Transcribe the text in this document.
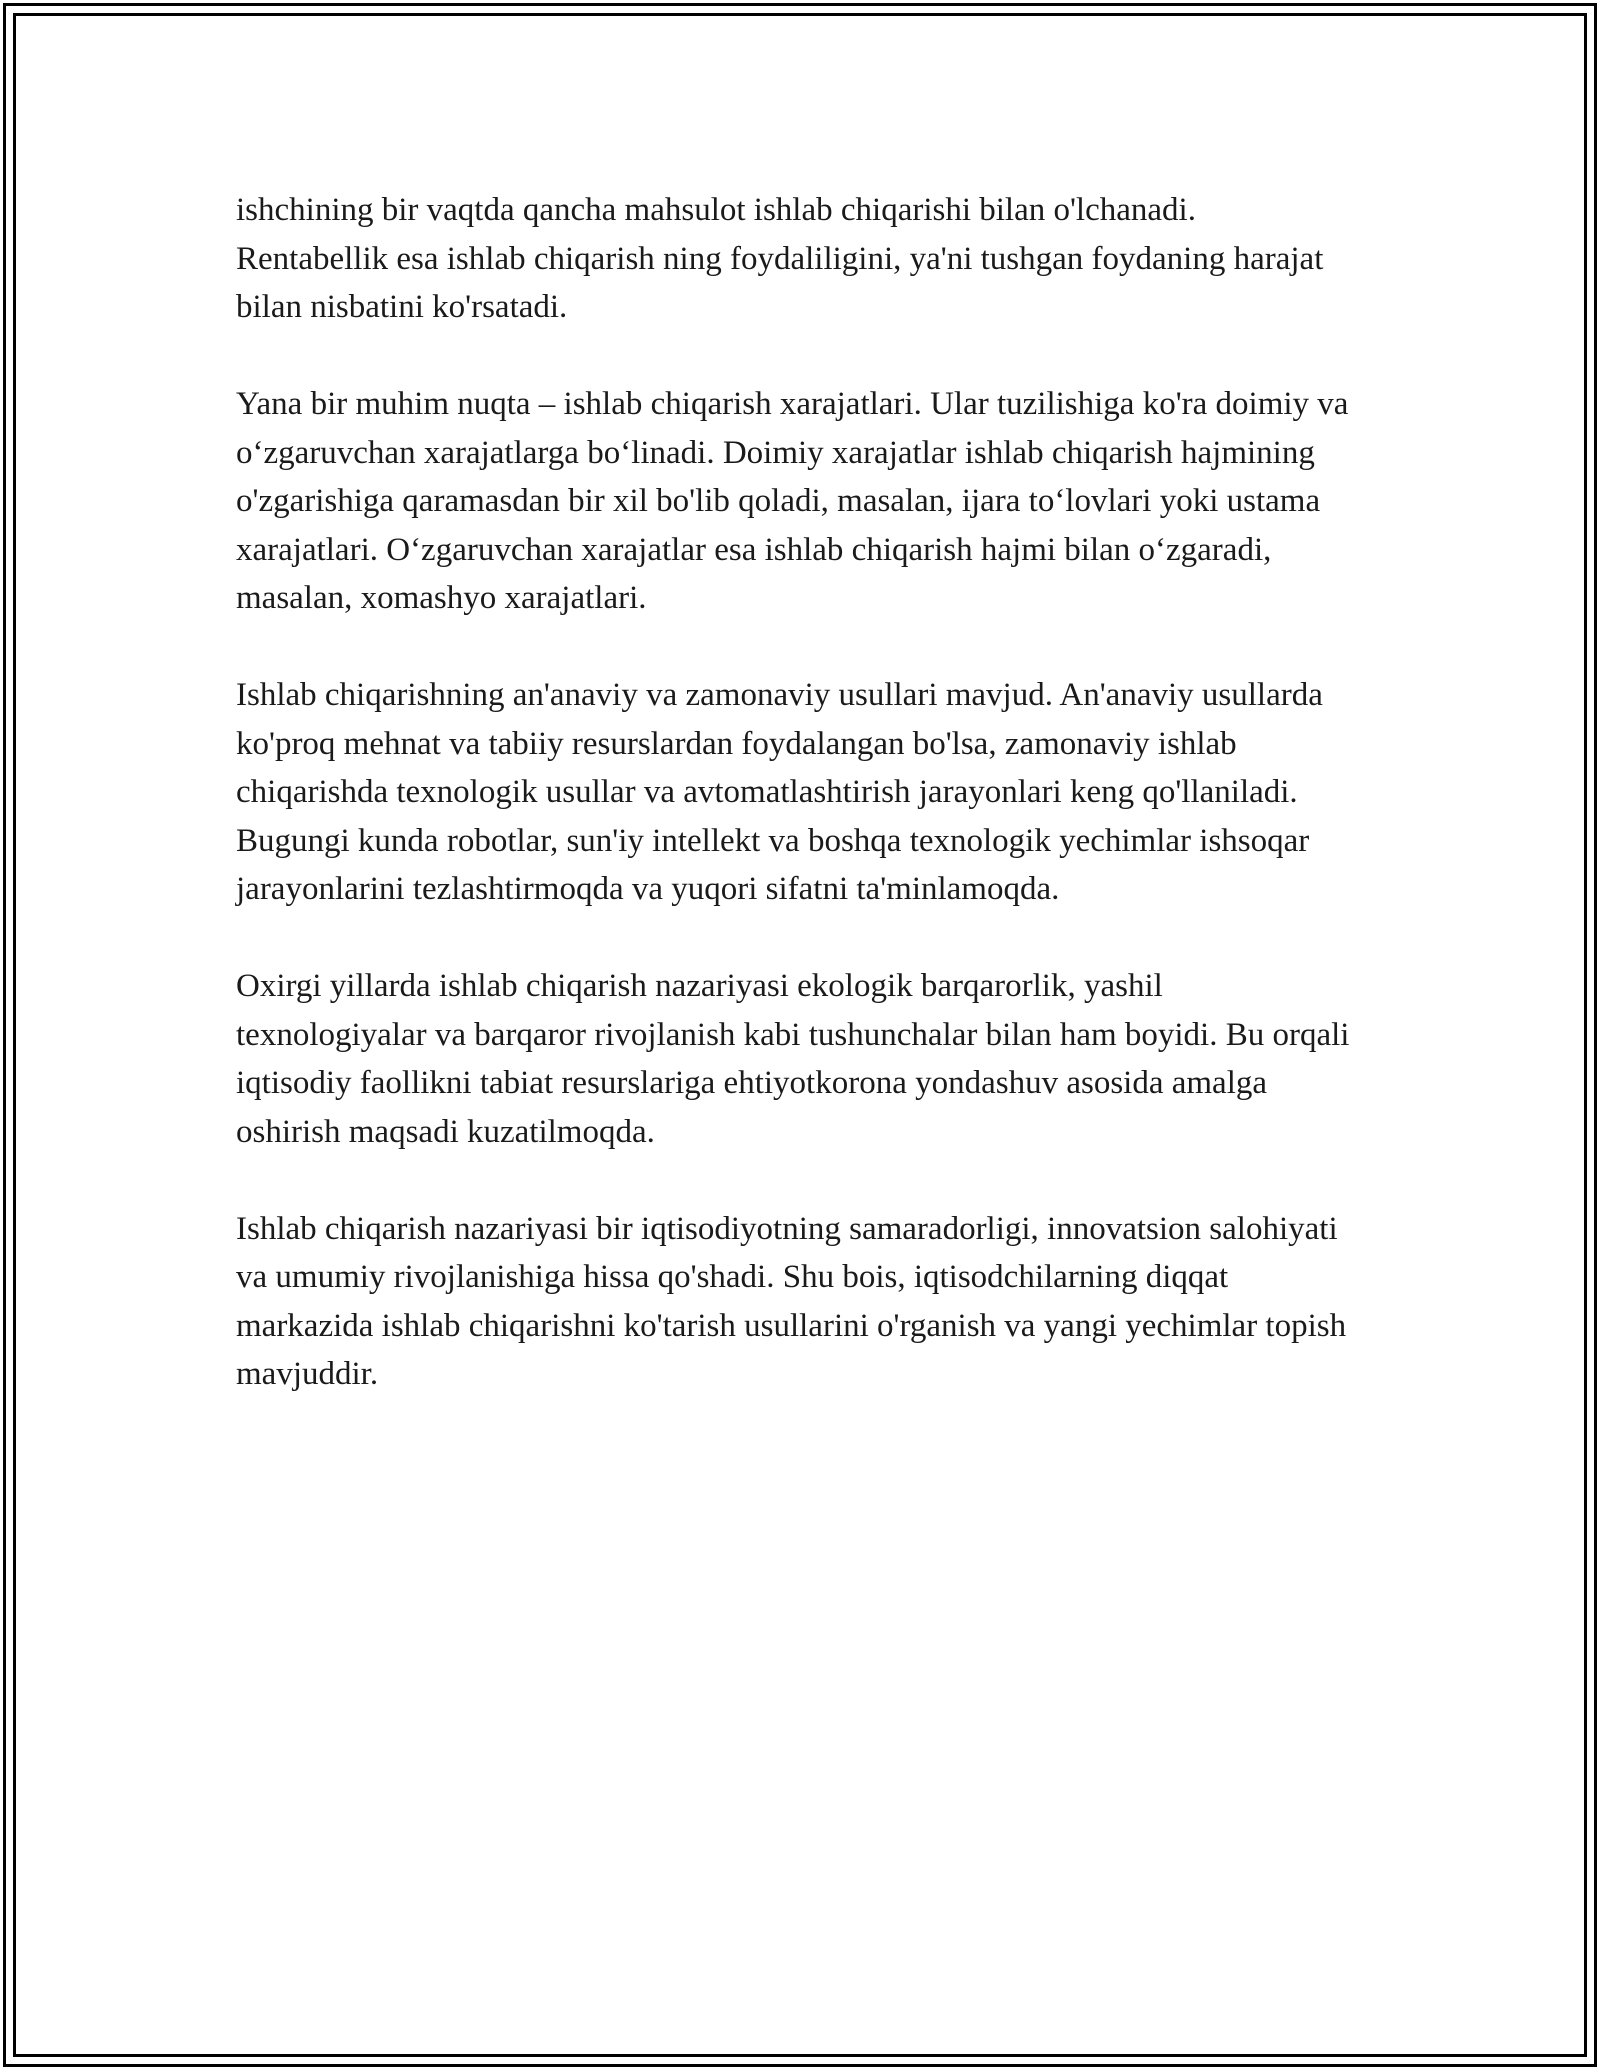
ishchining bir vaqtda qancha mahsulot ishlab chiqarishi bilan o'lchanadi. Rentabellik esa ishlab chiqarish ning foydaliligini, ya'ni tushgan foydaning harajat bilan nisbatini ko'rsatadi.

Yana bir muhim nuqta – ishlab chiqarish xarajatlari. Ular tuzilishiga ko'ra doimiy va o‘zgaruvchan xarajatlarga bo‘linadi. Doimiy xarajatlar ishlab chiqarish hajmining o'zgarishiga qaramasdan bir xil bo'lib qoladi, masalan, ijara to‘lovlari yoki ustama xarajatlari. O‘zgaruvchan xarajatlar esa ishlab chiqarish hajmi bilan o‘zgaradi, masalan, xomashyo xarajatlari.

Ishlab chiqarishning an'anaviy va zamonaviy usullari mavjud. An'anaviy usullarda ko'proq mehnat va tabiiy resurslardan foydalangan bo'lsa, zamonaviy ishlab chiqarishda texnologik usullar va avtomatlashtirish jarayonlari keng qo'llaniladi. Bugungi kunda robotlar, sun'iy intellekt va boshqa texnologik yechimlar ishsoqar jarayonlarini tezlashtirmoqda va yuqori sifatni ta'minlamoqda.

Oxirgi yillarda ishlab chiqarish nazariyasi ekologik barqarorlik, yashil texnologiyalar va barqaror rivojlanish kabi tushunchalar bilan ham boyidi. Bu orqali iqtisodiy faollikni tabiat resurslariga ehtiyotkorona yondashuv asosida amalga oshirish maqsadi kuzatilmoqda.

Ishlab chiqarish nazariyasi bir iqtisodiyotning samaradorligi, innovatsion salohiyati va umumiy rivojlanishiga hissa qo'shadi. Shu bois, iqtisodchilarning diqqat markazida ishlab chiqarishni ko'tarish usullarini o'rganish va yangi yechimlar topish mavjuddir.
